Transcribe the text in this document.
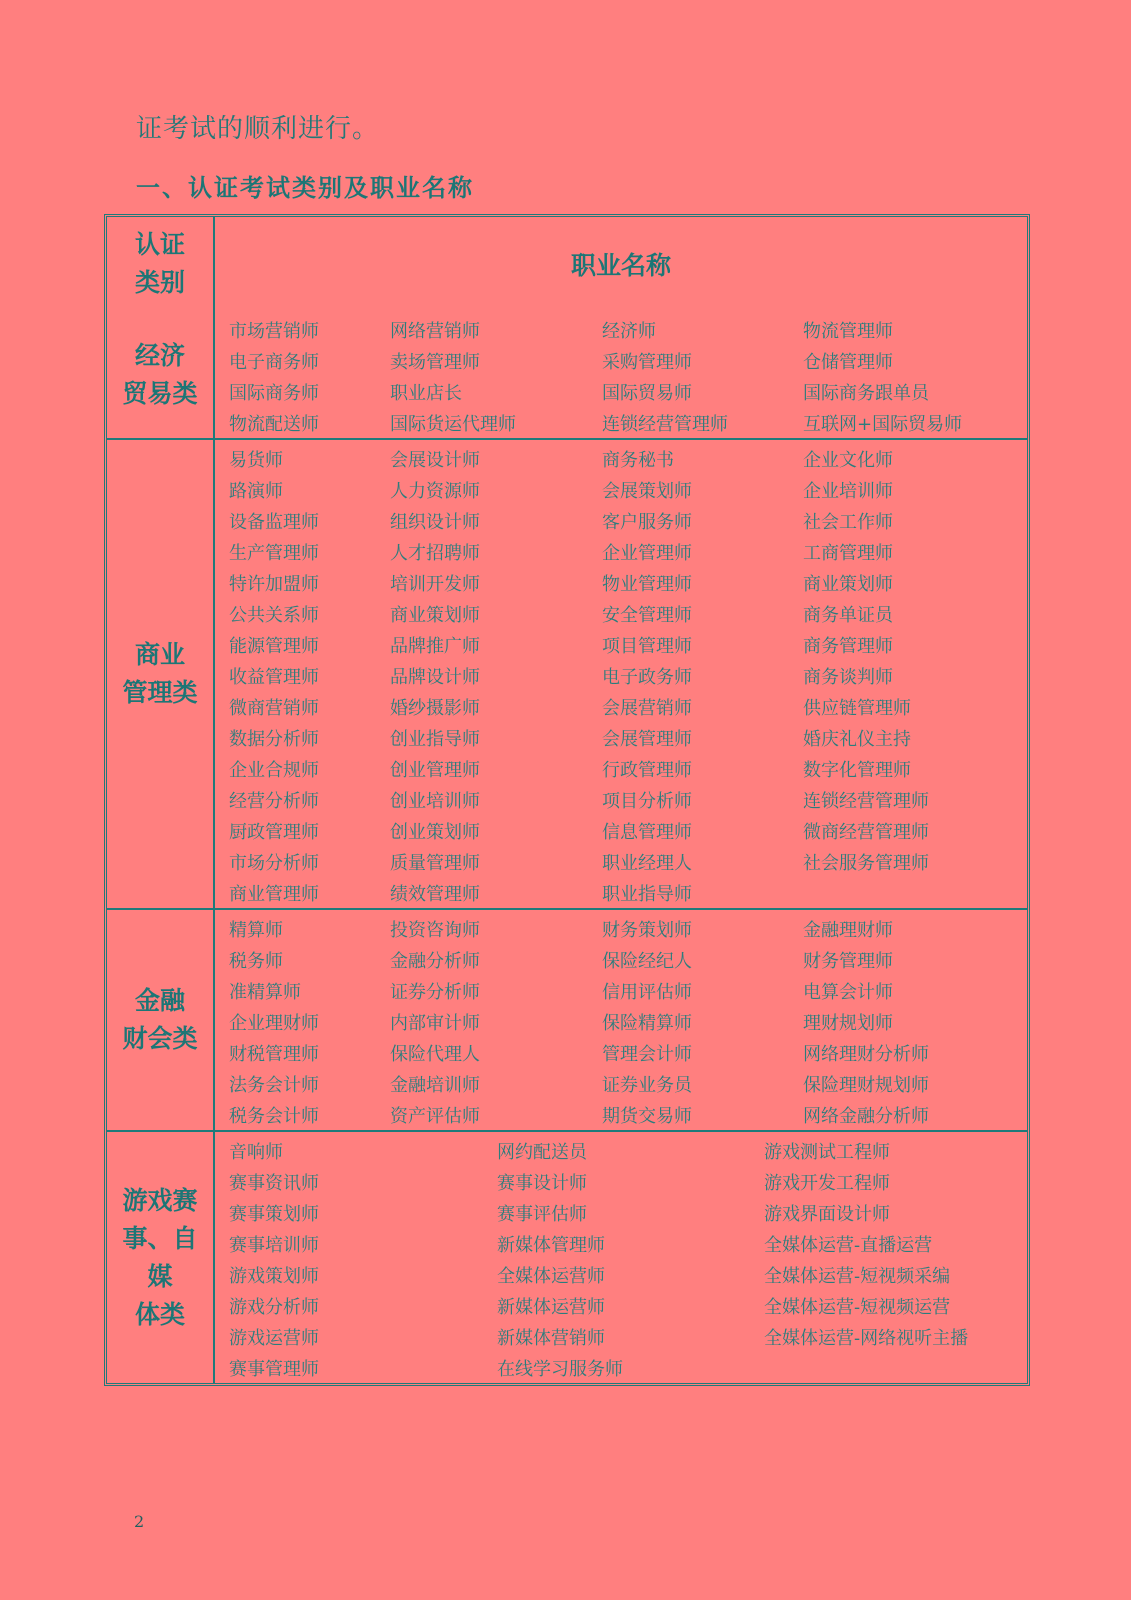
证考试的顺利进行。
一、认证考试类别及职业名称
认证
类别
职业名称
经济
贸易类
市场营销师	网络营销师	经济师	物流管理师
电子商务师	卖场管理师	采购管理师	仓储管理师
国际商务师	职业店长	国际贸易师	国际商务跟单员
物流配送师	国际货运代理师	连锁经营管理师	互联网+国际贸易师
商业
管理类
易货师	会展设计师	商务秘书	企业文化师
路演师	人力资源师	会展策划师	企业培训师
设备监理师	组织设计师	客户服务师	社会工作师
生产管理师	人才招聘师	企业管理师	工商管理师
特许加盟师	培训开发师	物业管理师	商业策划师
公共关系师	商业策划师	安全管理师	商务单证员
能源管理师	品牌推广师	项目管理师	商务管理师
收益管理师	品牌设计师	电子政务师	商务谈判师
微商营销师	婚纱摄影师	会展营销师	供应链管理师
数据分析师	创业指导师	会展管理师	婚庆礼仪主持
企业合规师	创业管理师	行政管理师	数字化管理师
经营分析师	创业培训师	项目分析师	连锁经营管理师
厨政管理师	创业策划师	信息管理师	微商经营管理师
市场分析师	质量管理师	职业经理人	社会服务管理师
商业管理师	绩效管理师	职业指导师
金融
财会类
精算师	投资咨询师	财务策划师	金融理财师
税务师	金融分析师	保险经纪人	财务管理师
准精算师	证券分析师	信用评估师	电算会计师
企业理财师	内部审计师	保险精算师	理财规划师
财税管理师	保险代理人	管理会计师	网络理财分析师
法务会计师	金融培训师	证券业务员	保险理财规划师
税务会计师	资产评估师	期货交易师	网络金融分析师
游戏赛
事、自媒
体类
音响师	网约配送员	游戏测试工程师
赛事资讯师	赛事设计师	游戏开发工程师
赛事策划师	赛事评估师	游戏界面设计师
赛事培训师	新媒体管理师	全媒体运营-直播运营
游戏策划师	全媒体运营师	全媒体运营-短视频采编
游戏分析师	新媒体运营师	全媒体运营-短视频运营
游戏运营师	新媒体营销师	全媒体运营-网络视听主播
赛事管理师	在线学习服务师
2
